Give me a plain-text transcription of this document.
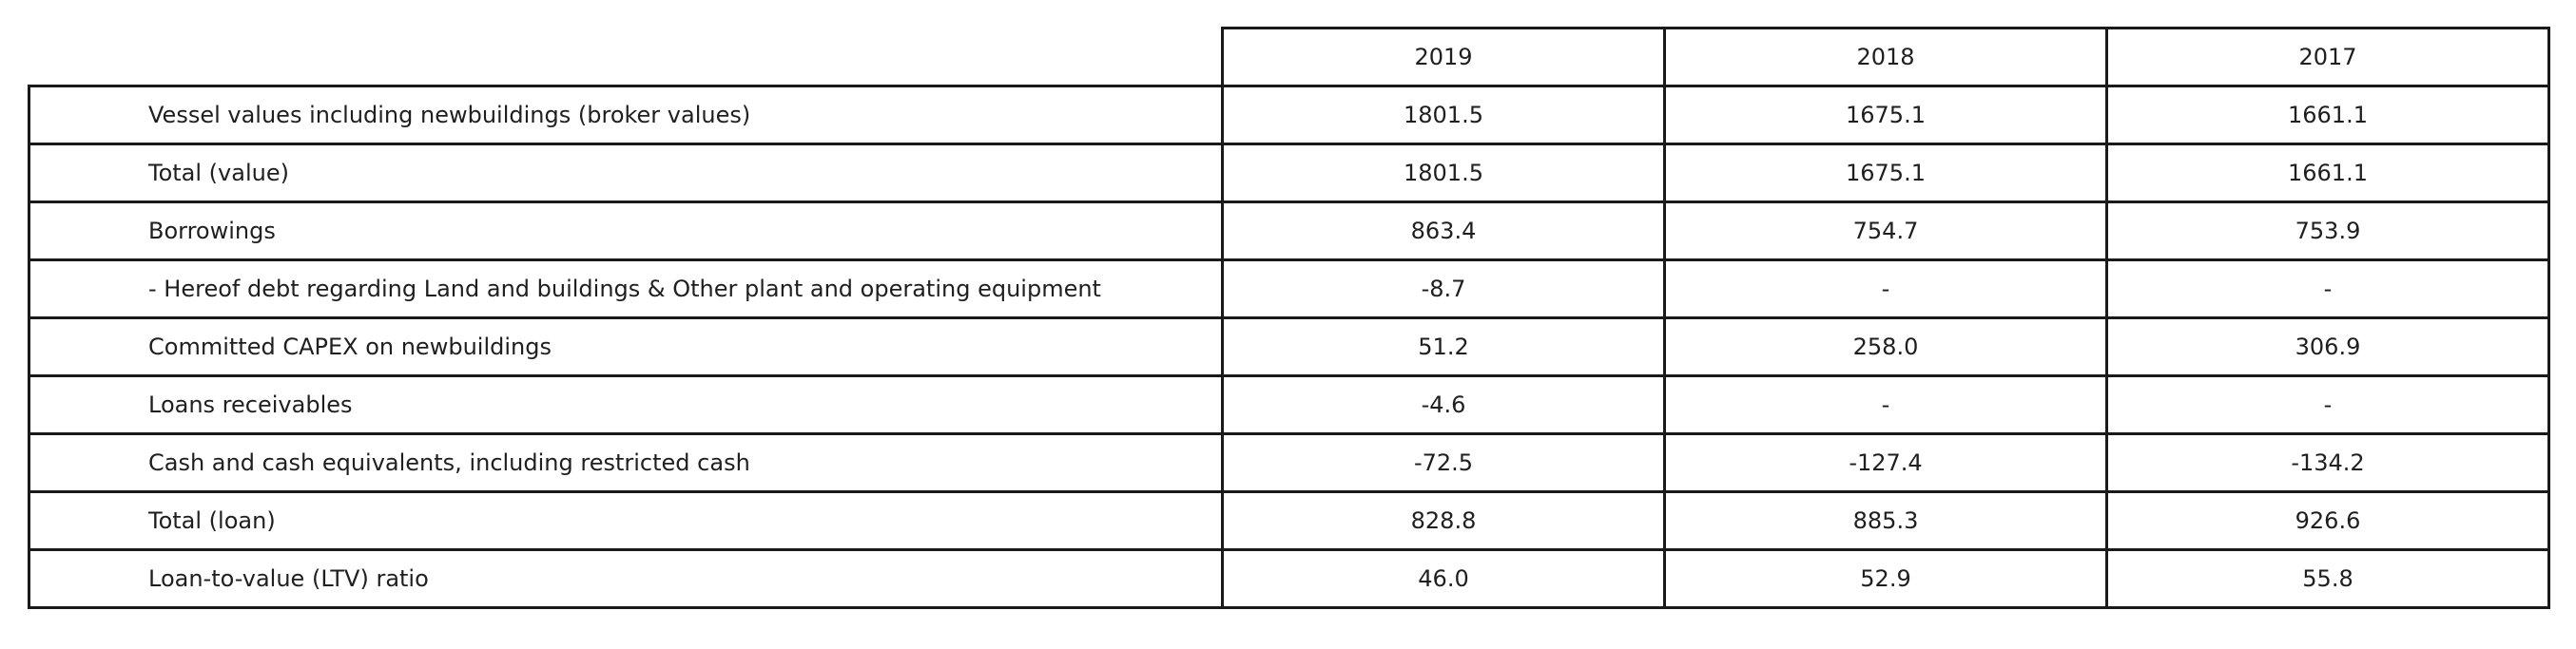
	2019	2018	2017
Vessel values including newbuildings (broker values)	1801.5	1675.1	1661.1
Total (value)	1801.5	1675.1	1661.1
Borrowings	863.4	754.7	753.9
- Hereof debt regarding Land and buildings & Other plant and operating equipment	-8.7	-	-
Committed CAPEX on newbuildings	51.2	258.0	306.9
Loans receivables	-4.6	-	-
Cash and cash equivalents, including restricted cash	-72.5	-127.4	-134.2
Total (loan)	828.8	885.3	926.6
Loan-to-value (LTV) ratio	46.0	52.9	55.8
